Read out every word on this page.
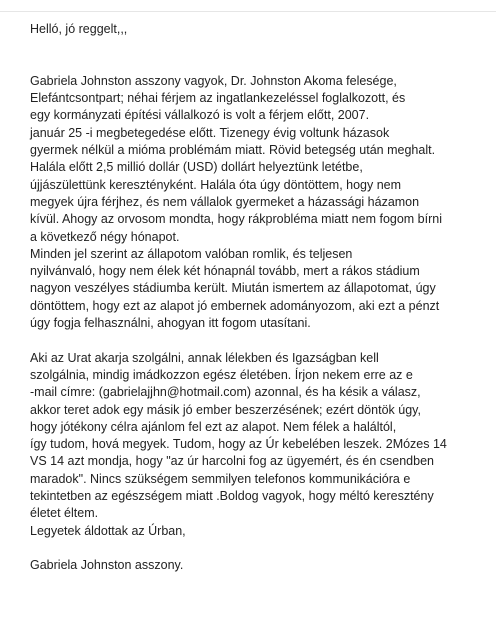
Helló, jó reggelt,,,
Gabriela Johnston asszony vagyok, Dr. Johnston Akoma felesége,
Elefántcsontpart; néhai férjem az ingatlankezeléssel foglalkozott, és
egy kormányzati építési vállalkozó is volt a férjem előtt, 2007.
január 25 -i megbetegedése előtt. Tizenegy évig voltunk házasok
gyermek nélkül a mióma problémám miatt. Rövid betegség után meghalt.
Halála előtt 2,5 millió dollár (USD) dollárt helyeztünk letétbe,
újjászülettünk keresztényként. Halála óta úgy döntöttem, hogy nem
megyek újra férjhez, és nem vállalok gyermeket a házassági házamon
kívül. Ahogy az orvosom mondta, hogy rákprobléma miatt nem fogom bírni
a következő négy hónapot.
Minden jel szerint az állapotom valóban romlik, és teljesen
nyilvánvaló, hogy nem élek két hónapnál tovább, mert a rákos stádium
nagyon veszélyes stádiumba került. Miután ismertem az állapotomat, úgy
döntöttem, hogy ezt az alapot jó embernek adományozom, aki ezt a pénzt
úgy fogja felhasználni, ahogyan itt fogom utasítani.
Aki az Urat akarja szolgálni, annak lélekben és Igazságban kell
szolgálnia, mindig imádkozzon egész életében. Írjon nekem erre az e
-mail címre: (gabrielajjhn@hotmail.com) azonnal, és ha késik a válasz,
akkor teret adok egy másik jó ember beszerzésének; ezért döntök úgy,
hogy jótékony célra ajánlom fel ezt az alapot. Nem félek a haláltól,
így tudom, hová megyek. Tudom, hogy az Úr kebelében leszek. 2Mózes 14
VS 14 azt mondja, hogy "az úr harcolni fog az ügyemért, és én csendben
maradok". Nincs szükségem semmilyen telefonos kommunikációra e
tekintetben az egészségem miatt .Boldog vagyok, hogy méltó keresztény
életet éltem.
Legyetek áldottak az Úrban,
Gabriela Johnston asszony.
